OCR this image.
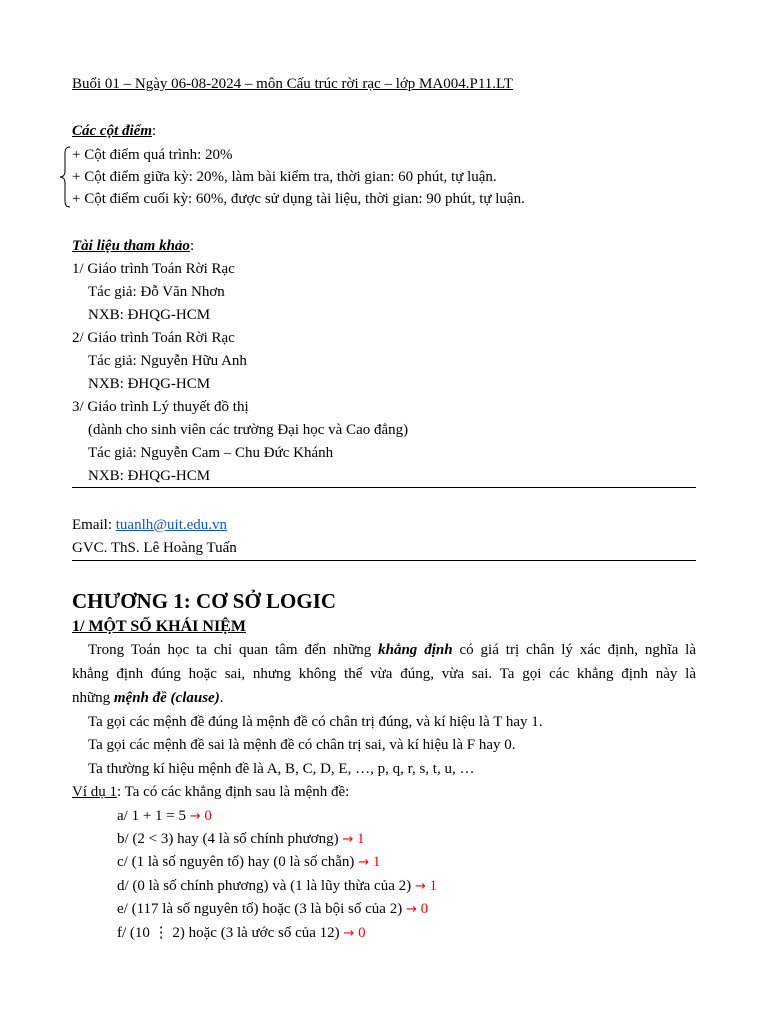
Buổi 01 – Ngày 06-08-2024 – môn Cấu trúc rời rạc – lớp MA004.P11.LT
Các cột điểm:
+ Cột điểm quá trình: 20%
+ Cột điểm giữa kỳ: 20%, làm bài kiểm tra, thời gian: 60 phút, tự luận.
+ Cột điểm cuối kỳ: 60%, được sử dụng tài liệu, thời gian: 90 phút, tự luận.
Tài liệu tham khảo:
1/ Giáo trình Toán Rời Rạc
Tác giả: Đỗ Văn Nhơn
NXB: ĐHQG-HCM
2/ Giáo trình Toán Rời Rạc
Tác giả: Nguyễn Hữu Anh
NXB: ĐHQG-HCM
3/ Giáo trình Lý thuyết đồ thị
(dành cho sinh viên các trường Đại học và Cao đẳng)
Tác giả: Nguyễn Cam – Chu Đức Khánh
NXB: ĐHQG-HCM
Email: tuanlh@uit.edu.vn
GVC. ThS. Lê Hoàng Tuấn
CHƯƠNG 1: CƠ SỞ LOGIC
1/ MỘT SỐ KHÁI NIỆM
Trong Toán học ta chỉ quan tâm đến những khẳng định có giá trị chân lý xác định, nghĩa là
khẳng định đúng hoặc sai, nhưng không thể vừa đúng, vừa sai. Ta gọi các khẳng định này là
những mệnh đề (clause).
Ta gọi các mệnh đề đúng là mệnh đề có chân trị đúng, và kí hiệu là T hay 1.
Ta gọi các mệnh đề sai là mệnh đề có chân trị sai, và kí hiệu là F hay 0.
Ta thường kí hiệu mệnh đề là A, B, C, D, E, …, p, q, r, s, t, u, …
Ví dụ 1: Ta có các khẳng định sau là mệnh đề:
a/ 1 + 1 = 5 → 0
b/ (2 < 3) hay (4 là số chính phương) → 1
c/ (1 là số nguyên tố) hay (0 là số chẵn) → 1
d/ (0 là số chính phương) và (1 là lũy thừa của 2) → 1
e/ (117 là số nguyên tố) hoặc (3 là bội số của 2) → 0
f/ (10 ⋮ 2) hoặc (3 là ước số của 12) → 0
